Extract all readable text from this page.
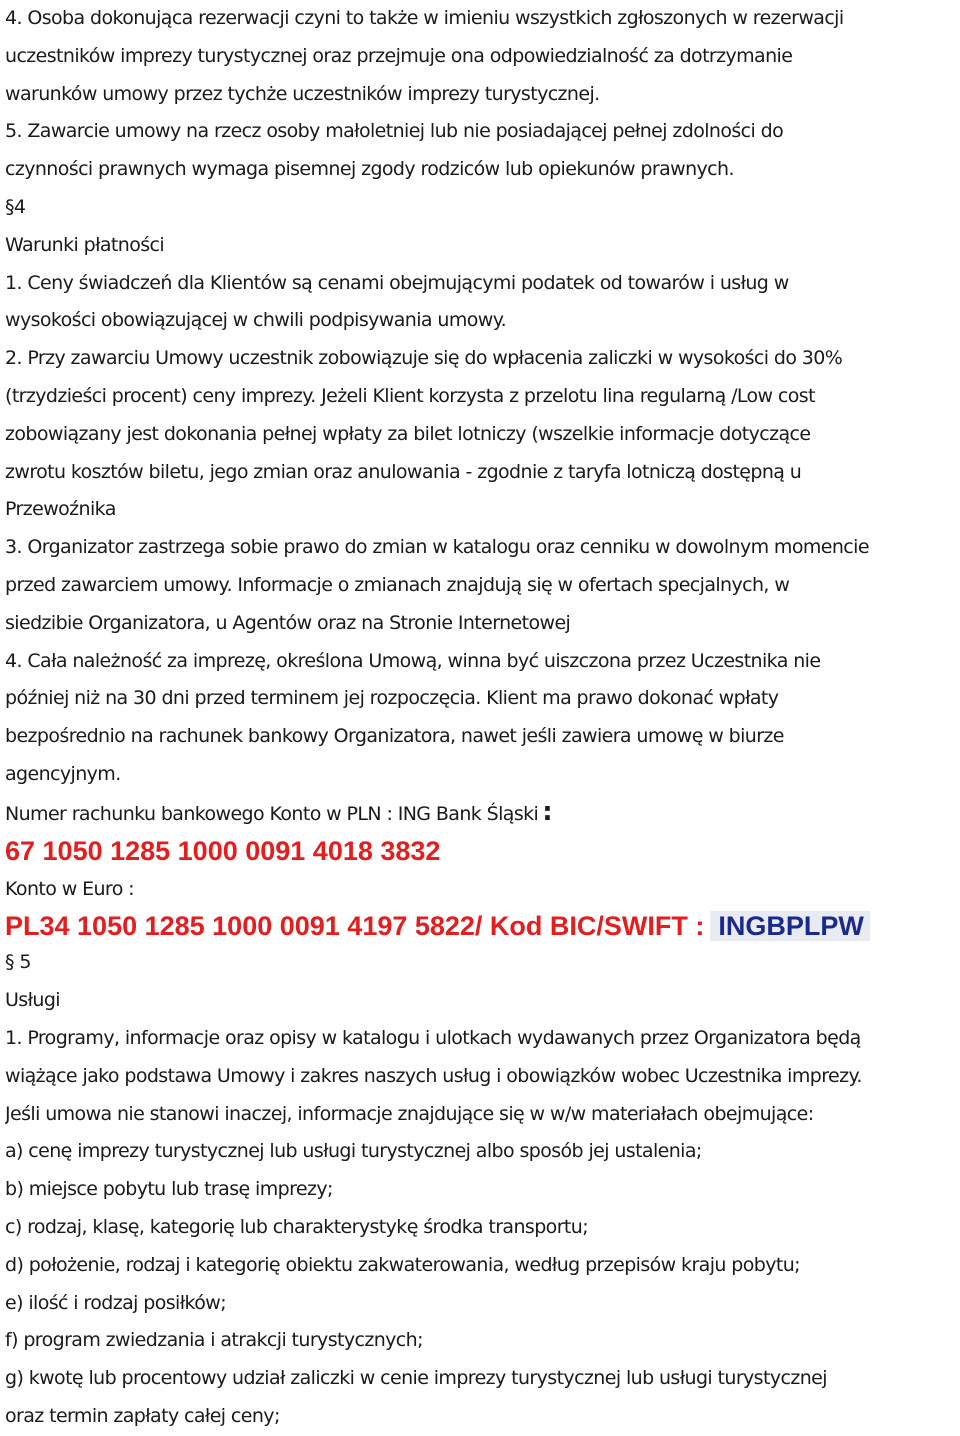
4. Osoba dokonująca rezerwacji czyni to także w imieniu wszystkich zgłoszonych w rezerwacji
uczestników imprezy turystycznej oraz przejmuje ona odpowiedzialność za dotrzymanie
warunków umowy przez tychże uczestników imprezy turystycznej.
5. Zawarcie umowy na rzecz osoby małoletniej lub nie posiadającej pełnej zdolności do
czynności prawnych wymaga pisemnej zgody rodziców lub opiekunów prawnych.
§4
Warunki płatności
1. Ceny świadczeń dla Klientów są cenami obejmującymi podatek od towarów i usług w
wysokości obowiązującej w chwili podpisywania umowy.
2. Przy zawarciu Umowy uczestnik zobowiązuje się do wpłacenia zaliczki w wysokości do 30%
(trzydzieści procent) ceny imprezy. Jeżeli Klient korzysta z przelotu lina regularną /Low cost
zobowiązany jest dokonania pełnej wpłaty za bilet lotniczy (wszelkie informacje dotyczące
zwrotu kosztów biletu, jego zmian oraz anulowania - zgodnie z taryfa lotniczą dostępną u
Przewoźnika
3. Organizator zastrzega sobie prawo do zmian w katalogu oraz cenniku w dowolnym momencie
przed zawarciem umowy. Informacje o zmianach znajdują się w ofertach specjalnych, w
siedzibie Organizatora, u Agentów oraz na Stronie Internetowej
4. Cała należność za imprezę, określona Umową, winna być uiszczona przez Uczestnika nie
później niż na 30 dni przed terminem jej rozpoczęcia. Klient ma prawo dokonać wpłaty
bezpośrednio na rachunek bankowy Organizatora, nawet jeśli zawiera umowę w biurze
agencyjnym.
Numer rachunku bankowego Konto w PLN : ING Bank Śląski :
67 1050 1285 1000 0091 4018 3832
Konto w Euro :
PL34 1050 1285 1000 0091 4197 5822/ Kod BIC/SWIFT : INGBPLPW
§ 5
Usługi
1. Programy, informacje oraz opisy w katalogu i ulotkach wydawanych przez Organizatora będą
wiążące jako podstawa Umowy i zakres naszych usług i obowiązków wobec Uczestnika imprezy.
Jeśli umowa nie stanowi inaczej, informacje znajdujące się w w/w materiałach obejmujące:
a) cenę imprezy turystycznej lub usługi turystycznej albo sposób jej ustalenia;
b) miejsce pobytu lub trasę imprezy;
c) rodzaj, klasę, kategorię lub charakterystykę środka transportu;
d) położenie, rodzaj i kategorię obiektu zakwaterowania, według przepisów kraju pobytu;
e) ilość i rodzaj posiłków;
f) program zwiedzania i atrakcji turystycznych;
g) kwotę lub procentowy udział zaliczki w cenie imprezy turystycznej lub usługi turystycznej
oraz termin zapłaty całej ceny;
